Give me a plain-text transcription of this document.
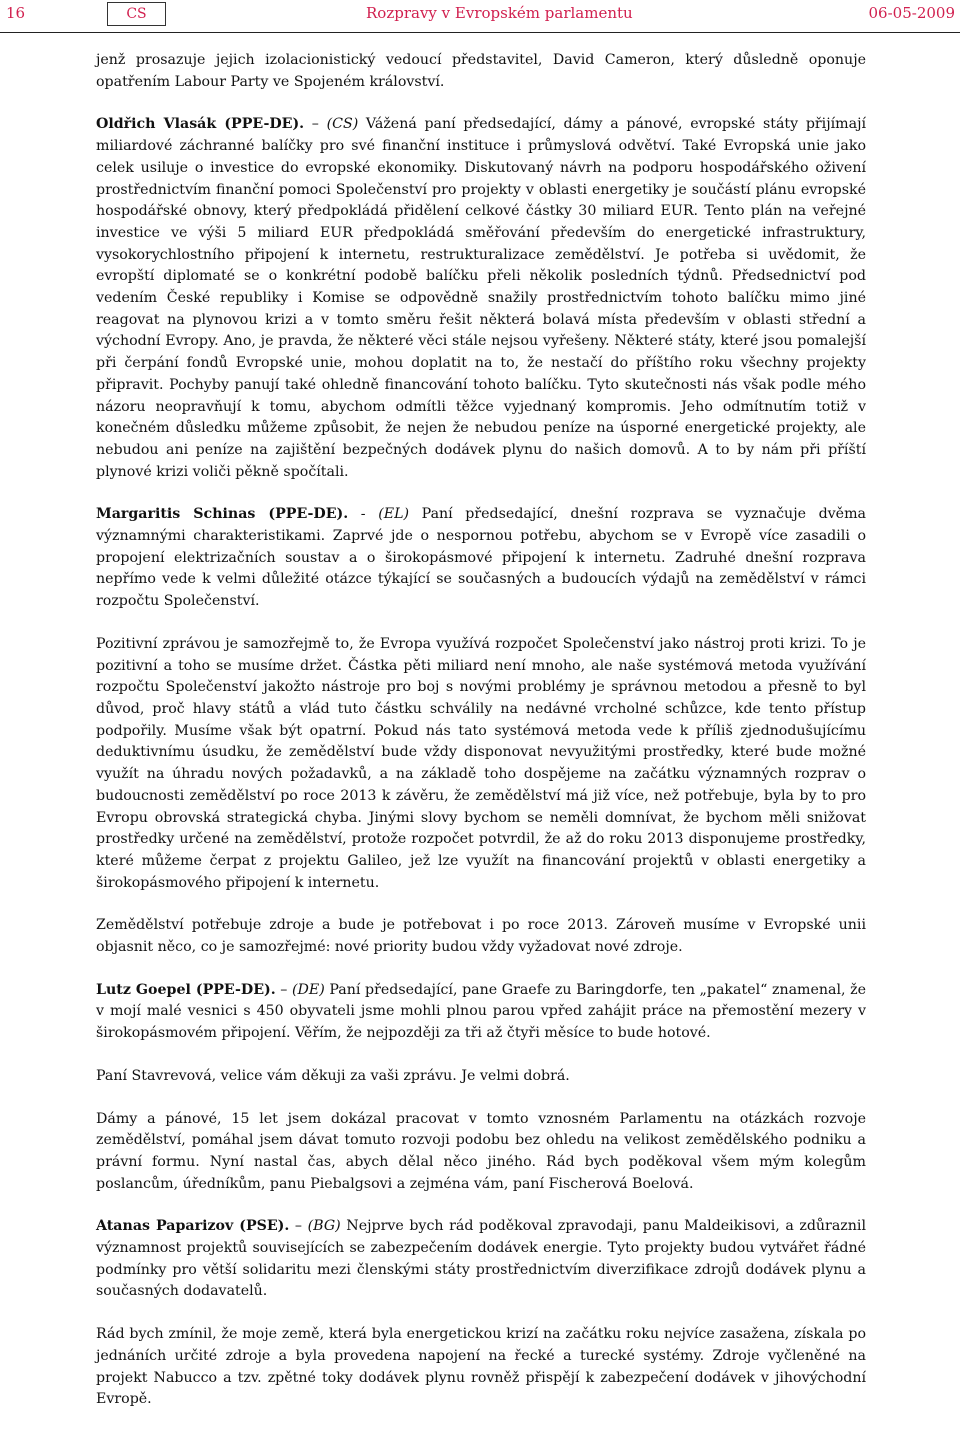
16	CS	Rozpravy v Evropském parlamentu	06-05-2009

jenž prosazuje jejich izolacionistický vedoucí představitel, David Cameron, který důsledně oponuje opatřením Labour Party ve Spojeném království.

Oldřich Vlasák (PPE-DE). – (CS) Vážená paní předsedající, dámy a pánové, evropské státy přijímají miliardové záchranné balíčky pro své finanční instituce i průmyslová odvětví. Také Evropská unie jako celek usiluje o investice do evropské ekonomiky. Diskutovaný návrh na podporu hospodářského oživení prostřednictvím finanční pomoci Společenství pro projekty v oblasti energetiky je součástí plánu evropské hospodářské obnovy, který předpokládá přidělení celkové částky 30 miliard EUR. Tento plán na veřejné investice ve výši 5 miliard EUR předpokládá směřování především do energetické infrastruktury, vysokorychlostního připojení k internetu, restrukturalizace zemědělství. Je potřeba si uvědomit, že evropští diplomaté se o konkrétní podobě balíčku přeli několik posledních týdnů. Předsednictví pod vedením České republiky i Komise se odpovědně snažily prostřednictvím tohoto balíčku mimo jiné reagovat na plynovou krizi a v tomto směru řešit některá bolavá místa především v oblasti střední a východní Evropy. Ano, je pravda, že některé věci stále nejsou vyřešeny. Některé státy, které jsou pomalejší při čerpání fondů Evropské unie, mohou doplatit na to, že nestačí do příštího roku všechny projekty připravit. Pochyby panují také ohledně financování tohoto balíčku. Tyto skutečnosti nás však podle mého názoru neopravňují k tomu, abychom odmítli těžce vyjednaný kompromis. Jeho odmítnutím totiž v konečném důsledku můžeme způsobit, že nejen že nebudou peníze na úsporné energetické projekty, ale nebudou ani peníze na zajištění bezpečných dodávek plynu do našich domovů. A to by nám při příští plynové krizi voliči pěkně spočítali.

Margaritis Schinas (PPE-DE). - (EL) Paní předsedající, dnešní rozprava se vyznačuje dvěma významnými charakteristikami. Zaprvé jde o nespornou potřebu, abychom se v Evropě více zasadili o propojení elektrizačních soustav a o širokopásmové připojení k internetu. Zadruhé dnešní rozprava nepřímo vede k velmi důležité otázce týkající se současných a budoucích výdajů na zemědělství v rámci rozpočtu Společenství.

Pozitivní zprávou je samozřejmě to, že Evropa využívá rozpočet Společenství jako nástroj proti krizi. To je pozitivní a toho se musíme držet. Částka pěti miliard není mnoho, ale naše systémová metoda využívání rozpočtu Společenství jakožto nástroje pro boj s novými problémy je správnou metodou a přesně to byl důvod, proč hlavy států a vlád tuto částku schválily na nedávné vrcholné schůzce, kde tento přístup podpořily. Musíme však být opatrní. Pokud nás tato systémová metoda vede k příliš zjednodušujícímu deduktivnímu úsudku, že zemědělství bude vždy disponovat nevyužitými prostředky, které bude možné využít na úhradu nových požadavků, a na základě toho dospějeme na začátku významných rozprav o budoucnosti zemědělství po roce 2013 k závěru, že zemědělství má již více, než potřebuje, byla by to pro Evropu obrovská strategická chyba. Jinými slovy bychom se neměli domnívat, že bychom měli snižovat prostředky určené na zemědělství, protože rozpočet potvrdil, že až do roku 2013 disponujeme prostředky, které můžeme čerpat z projektu Galileo, jež lze využít na financování projektů v oblasti energetiky a širokopásmového připojení k internetu.

Zemědělství potřebuje zdroje a bude je potřebovat i po roce 2013. Zároveň musíme v Evropské unii objasnit něco, co je samozřejmé: nové priority budou vždy vyžadovat nové zdroje.

Lutz Goepel (PPE-DE). – (DE) Paní předsedající, pane Graefe zu Baringdorfe, ten „pakatel“ znamenal, že v mojí malé vesnici s 450 obyvateli jsme mohli plnou parou vpřed zahájit práce na přemostění mezery v širokopásmovém připojení. Věřím, že nejpozději za tři až čtyři měsíce to bude hotové.

Paní Stavrevová, velice vám děkuji za vaši zprávu. Je velmi dobrá.

Dámy a pánové, 15 let jsem dokázal pracovat v tomto vznosném Parlamentu na otázkách rozvoje zemědělství, pomáhal jsem dávat tomuto rozvoji podobu bez ohledu na velikost zemědělského podniku a právní formu. Nyní nastal čas, abych dělal něco jiného. Rád bych poděkoval všem mým kolegům poslancům, úředníkům, panu Piebalgsovi a zejména vám, paní Fischerová Boelová.

Atanas Paparizov (PSE). – (BG) Nejprve bych rád poděkoval zpravodaji, panu Maldeikisovi, a zdůraznil významnost projektů souvisejících se zabezpečením dodávek energie. Tyto projekty budou vytvářet řádné podmínky pro větší solidaritu mezi členskými státy prostřednictvím diverzifikace zdrojů dodávek plynu a současných dodavatelů.

Rád bych zmínil, že moje země, která byla energetickou krizí na začátku roku nejvíce zasažena, získala po jednáních určité zdroje a byla provedena napojení na řecké a turecké systémy. Zdroje vyčleněné na projekt Nabucco a tzv. zpětné toky dodávek plynu rovněž přispějí k zabezpečení dodávek v jihovýchodní Evropě.
